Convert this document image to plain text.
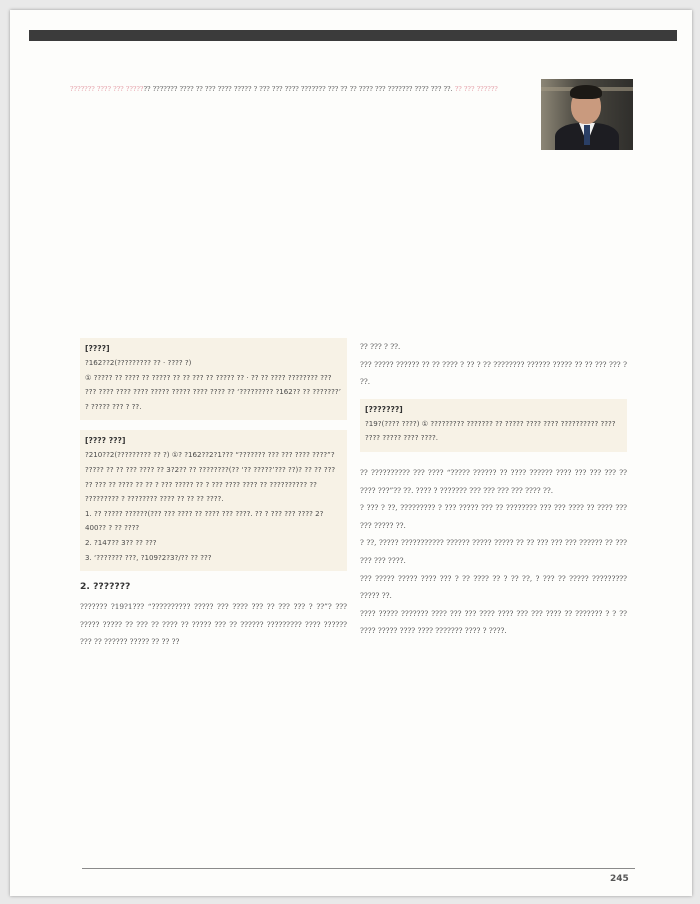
??????? ???? ??? ??????? ??????? ???? ?? ??? ???? ????? ? ??? ??? ???? ??????? ??? ?? ?? ???? ??? ??????? ???? ??? ??. ?? ??? ??????
[????]

?162??2(????????? ?? · ???? ?)

① ????? ?? ???? ?? ????? ?? ?? ??? ?? ????? ?? · ?? ?? ???? ???????? ??? ??? ???? ???? ???? ????? ????? ???? ???? ?? ‘????????? ?162?? ?? ???????’ ? ????? ??? ? ??.

[???? ???]

?210??2(????????? ?? ?) ①? ?162??2?1??? “??????? ??? ??? ???? ????”? ????? ?? ?? ??? ???? ?? 3?2?? ?? ????????(?? ‘?? ?????’??? ??)? ?? ?? ??? ?? ??? ?? ???? ?? ?? ? ??? ????? ?? ? ??? ???? ???? ?? ?????????? ?? ????????? ? ???????? ???? ?? ?? ?? ????.

1. ?? ????? ??????(??? ??? ???? ?? ???? ??? ????. ?? ? ??? ??? ???? 2?400?? ? ?? ????

2. ?147?? 3?? ?? ???

3. ‘??????? ???, ?109?2?3?/?? ?? ???

2. ???????

??????? ?19?1??? “?????????? ????? ??? ???? ??? ?? ??? ??? ? ??”? ??? ????? ????? ?? ??? ?? ???? ?? ????? ??? ?? ?????? ????????? ???? ?????? ??? ?? ?????? ????? ?? ?? ??

?? ??? ? ??.

??? ????? ?????? ?? ?? ???? ? ?? ? ?? ???????? ?????? ????? ?? ?? ??? ??? ? ??.

[???????]

?19?(???? ????) ① ????????? ??????? ?? ????? ???? ???? ?????????? ???? ???? ????? ???? ????.

?? ?????????? ??? ???? “????? ?????? ?? ???? ?????? ???? ??? ??? ??? ?? ???? ???”?? ??. ???? ? ??????? ??? ??? ??? ??? ???? ??.

? ??? ? ??, ????????? ? ??? ????? ??? ?? ???????? ??? ??? ???? ?? ???? ??? ??? ????? ??.

? ??, ????? ??????????? ?????? ????? ????? ?? ?? ??? ??? ??? ?????? ?? ??? ??? ??? ????.

??? ????? ????? ???? ??? ? ?? ???? ?? ? ?? ??, ? ??? ?? ????? ????????? ????? ??.

???? ????? ??????? ???? ??? ??? ???? ???? ??? ??? ???? ?? ??????? ? ? ?? ???? ????? ???? ???? ??????? ???? ? ????.

245
